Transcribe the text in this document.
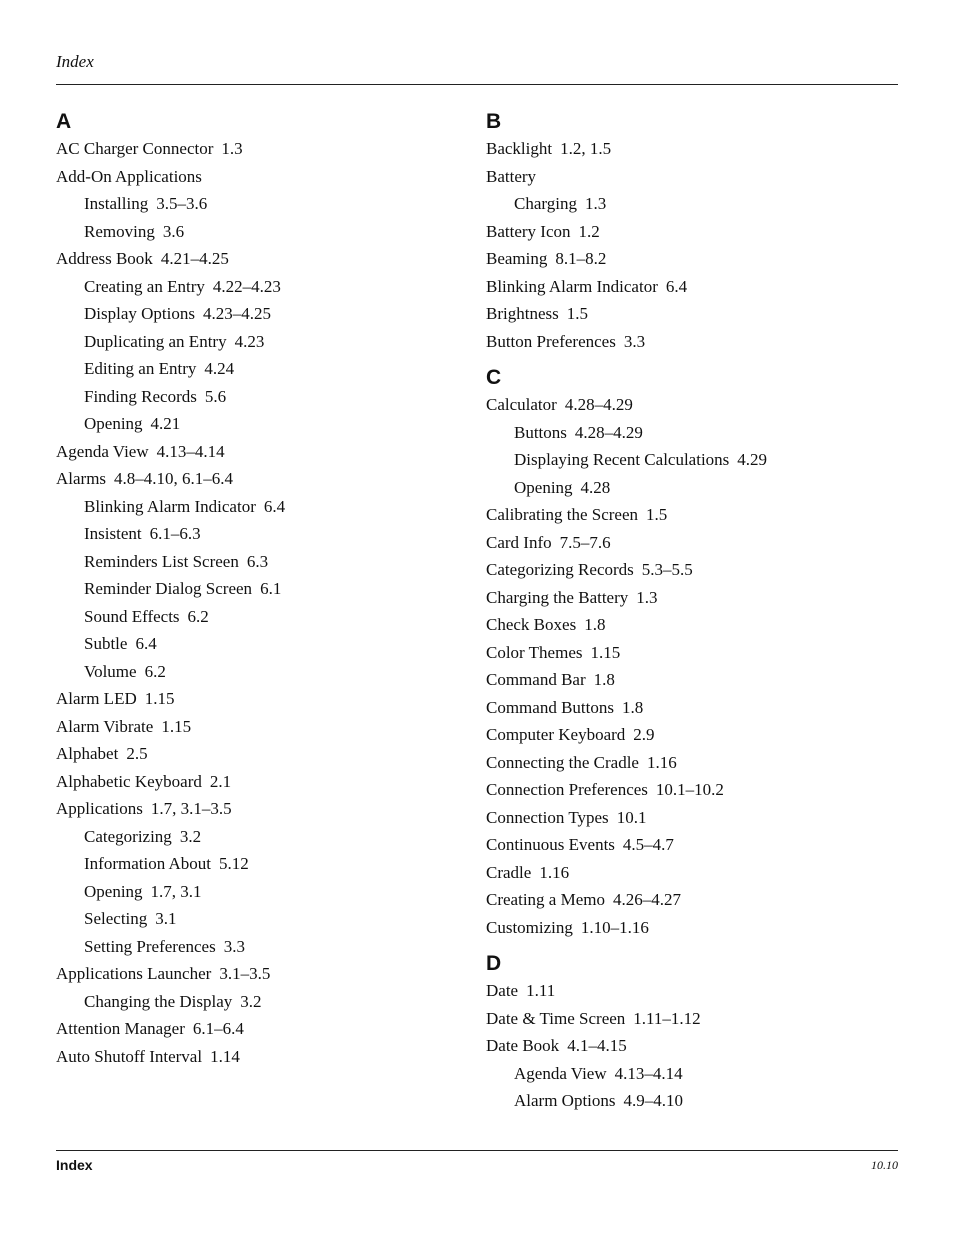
Index
A
AC Charger Connector 1.3
Add-On Applications
Installing 3.5–3.6
Removing 3.6
Address Book 4.21–4.25
Creating an Entry 4.22–4.23
Display Options 4.23–4.25
Duplicating an Entry 4.23
Editing an Entry 4.24
Finding Records 5.6
Opening 4.21
Agenda View 4.13–4.14
Alarms 4.8–4.10, 6.1–6.4
Blinking Alarm Indicator 6.4
Insistent 6.1–6.3
Reminders List Screen 6.3
Reminder Dialog Screen 6.1
Sound Effects 6.2
Subtle 6.4
Volume 6.2
Alarm LED 1.15
Alarm Vibrate 1.15
Alphabet 2.5
Alphabetic Keyboard 2.1
Applications 1.7, 3.1–3.5
Categorizing 3.2
Information About 5.12
Opening 1.7, 3.1
Selecting 3.1
Setting Preferences 3.3
Applications Launcher 3.1–3.5
Changing the Display 3.2
Attention Manager 6.1–6.4
Auto Shutoff Interval 1.14
B
Backlight 1.2, 1.5
Battery
Charging 1.3
Battery Icon 1.2
Beaming 8.1–8.2
Blinking Alarm Indicator 6.4
Brightness 1.5
Button Preferences 3.3
C
Calculator 4.28–4.29
Buttons 4.28–4.29
Displaying Recent Calculations 4.29
Opening 4.28
Calibrating the Screen 1.5
Card Info 7.5–7.6
Categorizing Records 5.3–5.5
Charging the Battery 1.3
Check Boxes 1.8
Color Themes 1.15
Command Bar 1.8
Command Buttons 1.8
Computer Keyboard 2.9
Connecting the Cradle 1.16
Connection Preferences 10.1–10.2
Connection Types 10.1
Continuous Events 4.5–4.7
Cradle 1.16
Creating a Memo 4.26–4.27
Customizing 1.10–1.16
D
Date 1.11
Date & Time Screen 1.11–1.12
Date Book 4.1–4.15
Agenda View 4.13–4.14
Alarm Options 4.9–4.10
Index	10.10
